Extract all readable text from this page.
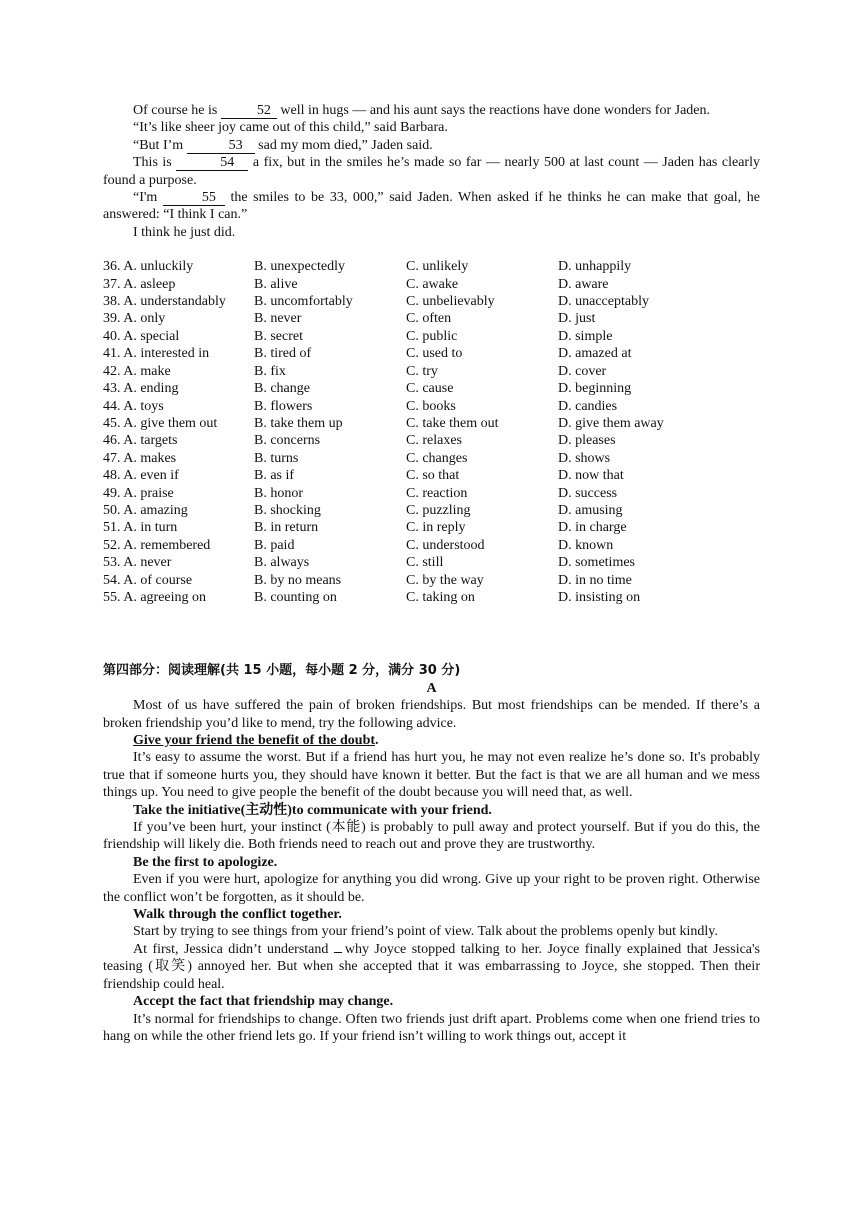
Of course he is	52 well in hugs — and his aunt says the reactions have done wonders for Jaden.

“It’s like sheer joy came out of this child,” said Barbara.

“But I’m	53 sad my mom died,” Jaden said.

This is	54 a fix, but in the smiles he’s made so far — nearly 500 at last count — Jaden has clearly found a purpose.

“I'm	55 the smiles to be 33, 000,” said Jaden. When asked if he thinks he can make that goal, he answered: “I think I can.”

I think he just did.

36. A. unluckily	B. unexpectedly	C. unlikely	D. unhappily
37. A. asleep	B. alive	C. awake	D. aware
38. A. understandably	B. uncomfortably	C. unbelievably	D. unacceptably
39. A. only	B. never	C. often	D. just
40. A. special	B. secret	C. public	D. simple
41. A. interested in	B. tired of	C. used to	D. amazed at
42. A. make	B. fix	C. try	D. cover
43. A. ending	B. change	C. cause	D. beginning
44. A. toys	B. flowers	C. books	D. candies
45. A. give them out	B. take them up	C. take them out	D. give them away
46. A. targets	B. concerns	C. relaxes	D. pleases
47. A. makes	B. turns	C. changes	D. shows
48. A. even if	B. as if	C. so that	D. now that
49. A. praise	B. honor	C. reaction	D. success
50. A. amazing	B. shocking	C. puzzling	D. amusing
51. A. in turn	B. in return	C. in reply	D. in charge
52. A. remembered	B. paid	C. understood	D. known
53. A. never	B. always	C. still	D. sometimes
54. A. of course	B. by no means	C. by the way	D. in no time
55. A. agreeing on	B. counting on	C. taking on	D. insisting on

第四部分：阅读理解(共 15 小题，每小题 2 分，满分 30 分)

A

Most of us have suffered the pain of broken friendships. But most friendships can be mended. If there’s a broken friendship you’d like to mend, try the following advice.

Give your friend the benefit of the doubt.

It’s easy to assume the worst. But if a friend has hurt you, he may not even realize he’s done so. It's probably true that if someone hurts you, they should have known it better. But the fact is that we are all human and we mess things up. You need to give people the benefit of the doubt because you will need that, as well.

Take the initiative(主动性)to communicate with your friend.

If you’ve been hurt, your instinct (本能) is probably to pull away and protect yourself. But if you do this, the friendship will likely die. Both friends need to reach out and prove they are trustworthy.

Be the first to apologize.

Even if you were hurt, apologize for anything you did wrong. Give up your right to be proven right. Otherwise the conflict won’t be forgotten, as it should be.

Walk through the conflict together.

Start by trying to see things from your friend’s point of view. Talk about the problems openly but kindly.

At first, Jessica didn’t understand why Joyce stopped talking to her. Joyce finally explained that Jessica's teasing (取笑) annoyed her. But when she accepted that it was embarrassing to Joyce, she stopped. Then their friendship could heal.

Accept the fact that friendship may change.

It’s normal for friendships to change. Often two friends just drift apart. Problems come when one friend tries to hang on while the other friend lets go. If your friend isn’t willing to work things out, accept it
